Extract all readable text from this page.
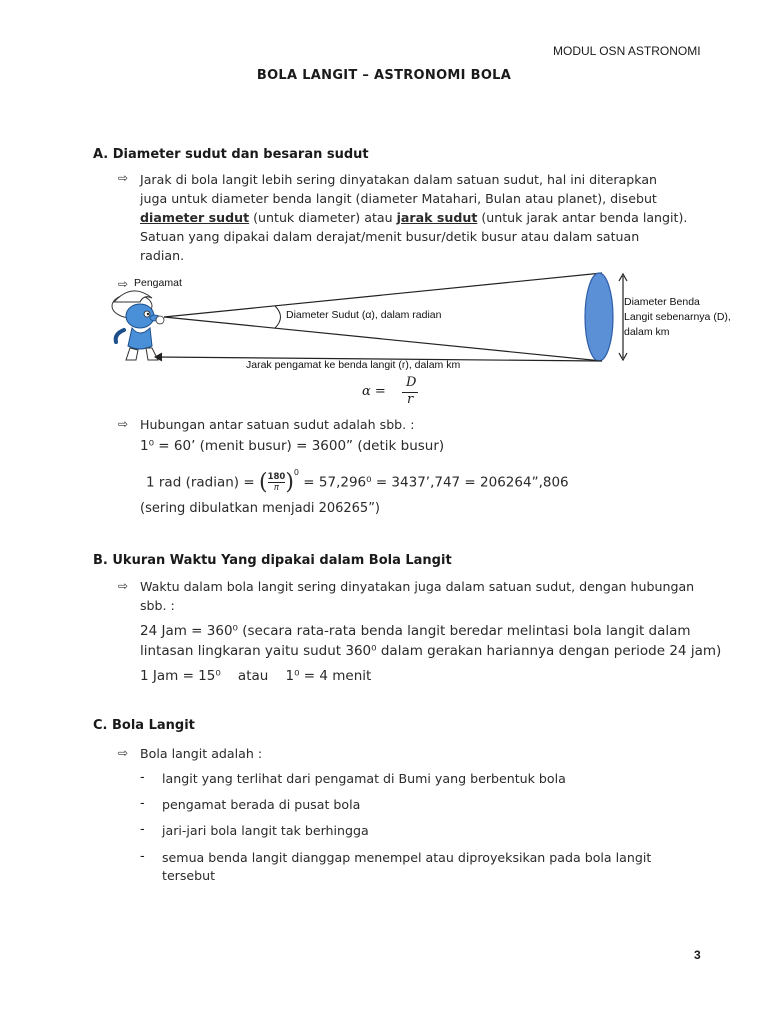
MODUL OSN ASTRONOMI
BOLA LANGIT – ASTRONOMI BOLA
A. Diameter sudut dan besaran sudut
⇨ Jarak di bola langit lebih sering dinyatakan dalam satuan sudut, hal ini diterapkan
juga untuk diameter benda langit (diameter Matahari, Bulan atau planet), disebut
diameter sudut (untuk diameter) atau jarak sudut (untuk jarak antar benda langit).
Satuan yang dipakai dalam derajat/menit busur/detik busur atau dalam satuan
radian.
⇨ Pengamat
Diameter Sudut (α), dalam radian
Diameter Benda
Langit sebenarnya (D),
dalam km
Jarak pengamat ke benda langit (r), dalam km
α =
D
r
⇨ Hubungan antar satuan sudut adalah sbb. :
1⁰ = 60’ (menit busur) = 3600” (detik busur)
1 rad (radian) = ( $\frac{180}{\pi} )^0 = 57,296^0$ = 3437’,747 = 206264”,806
(sering dibulatkan menjadi 206265”)
B. Ukuran Waktu Yang dipakai dalam Bola Langit
⇨ Waktu dalam bola langit sering dinyatakan juga dalam satuan sudut, dengan hubungan
sbb. :
24 Jam = 360⁰ (secara rata-rata benda langit beredar melintasi bola langit dalam
lintasan lingkaran yaitu sudut 360⁰ dalam gerakan hariannya dengan periode 24 jam)
1 Jam = 15⁰    atau    1⁰ = 4 menit
C. Bola Langit
⇨ Bola langit adalah :
- langit yang terlihat dari pengamat di Bumi yang berbentuk bola
- pengamat berada di pusat bola
- jari-jari bola langit tak berhingga
- semua benda langit dianggap menempel atau diproyeksikan pada bola langit
tersebut
3
